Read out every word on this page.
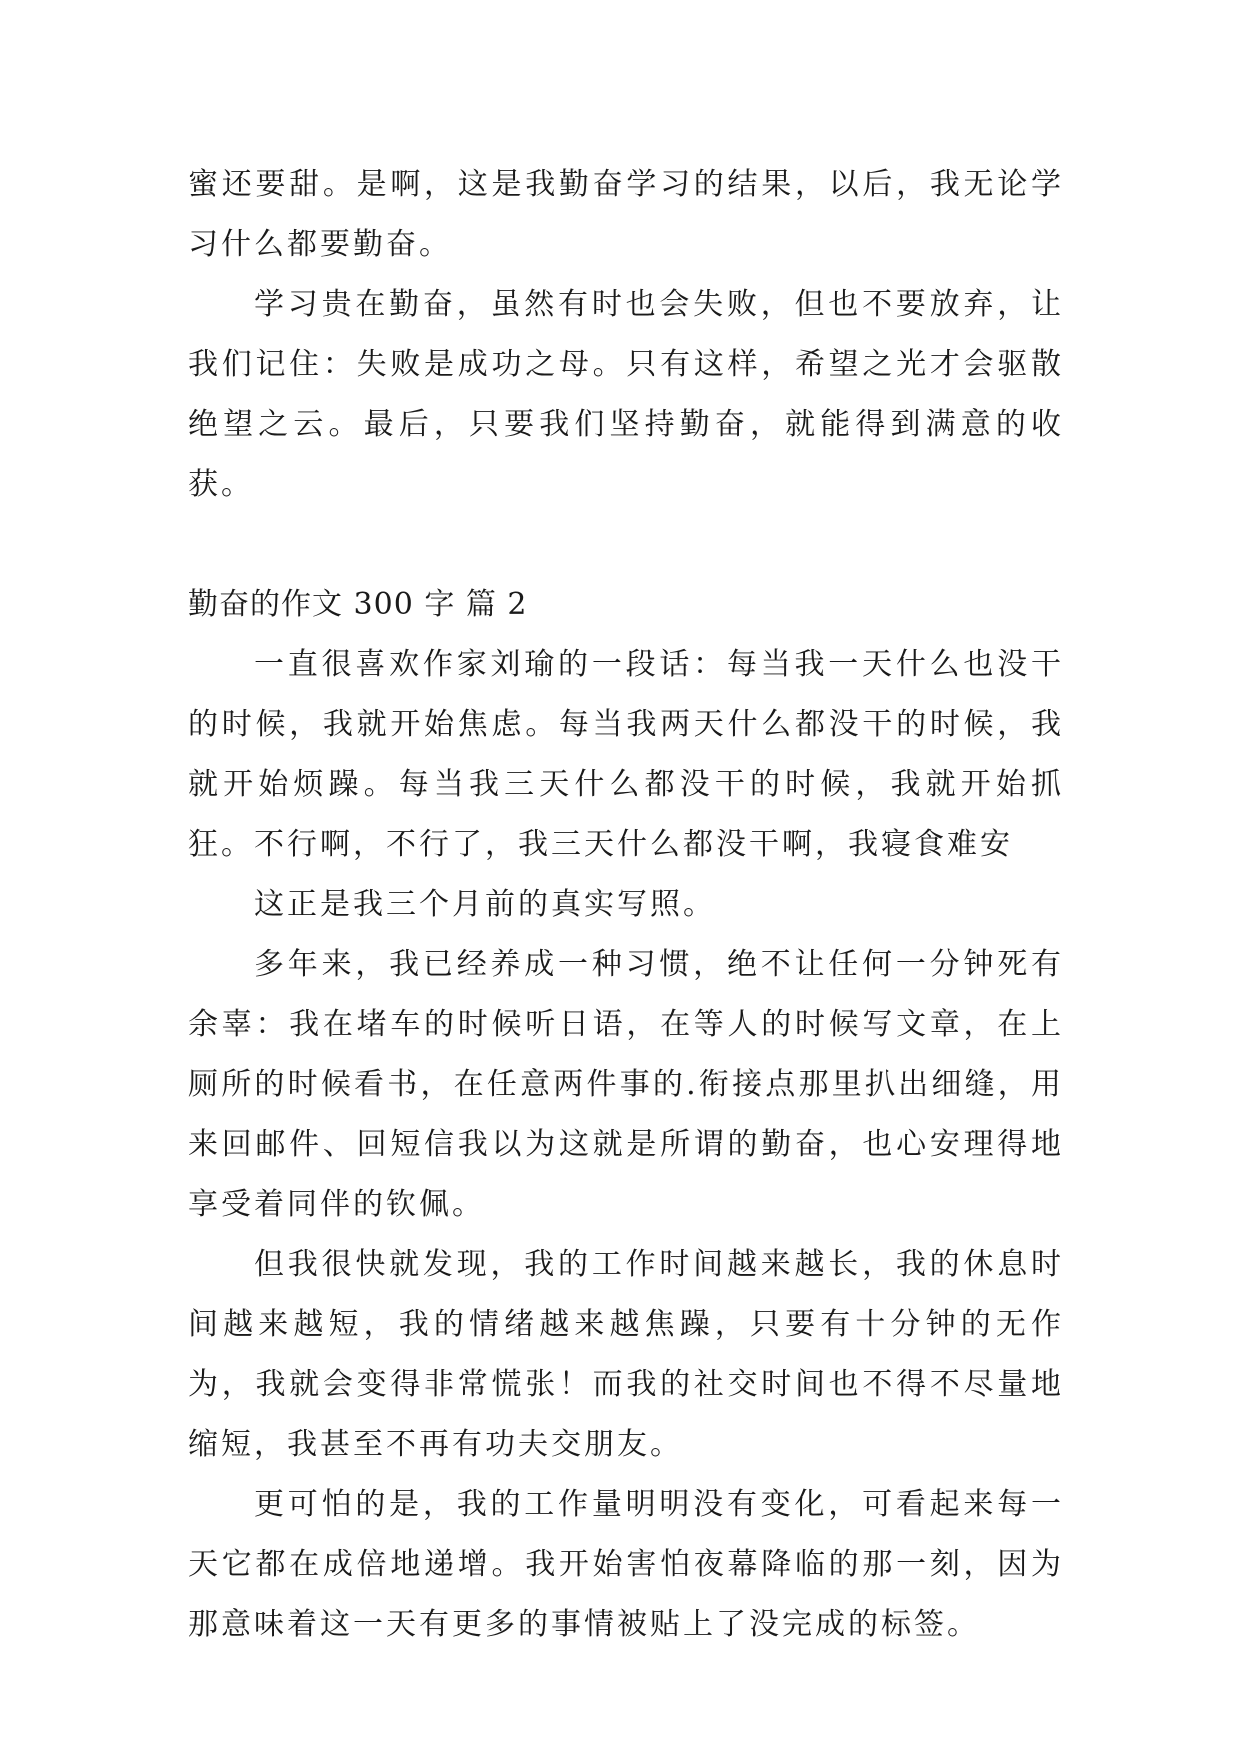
蜜还要甜。是啊，这是我勤奋学习的结果，以后，我无论学习什么都要勤奋。

学习贵在勤奋，虽然有时也会失败，但也不要放弃，让我们记住：失败是成功之母。只有这样，希望之光才会驱散绝望之云。最后，只要我们坚持勤奋，就能得到满意的收获。

勤奋的作文 300 字 篇 2

一直很喜欢作家刘瑜的一段话：每当我一天什么也没干的时候，我就开始焦虑。每当我两天什么都没干的时候，我就开始烦躁。每当我三天什么都没干的时候，我就开始抓狂。不行啊，不行了，我三天什么都没干啊，我寝食难安

这正是我三个月前的真实写照。

多年来，我已经养成一种习惯，绝不让任何一分钟死有余辜：我在堵车的时候听日语，在等人的时候写文章，在上厕所的时候看书，在任意两件事的.衔接点那里扒出细缝，用来回邮件、回短信我以为这就是所谓的勤奋，也心安理得地享受着同伴的钦佩。

但我很快就发现，我的工作时间越来越长，我的休息时间越来越短，我的情绪越来越焦躁，只要有十分钟的无作为，我就会变得非常慌张！而我的社交时间也不得不尽量地缩短，我甚至不再有功夫交朋友。

更可怕的是，我的工作量明明没有变化，可看起来每一天它都在成倍地递增。我开始害怕夜幕降临的那一刻，因为那意味着这一天有更多的事情被贴上了没完成的标签。
